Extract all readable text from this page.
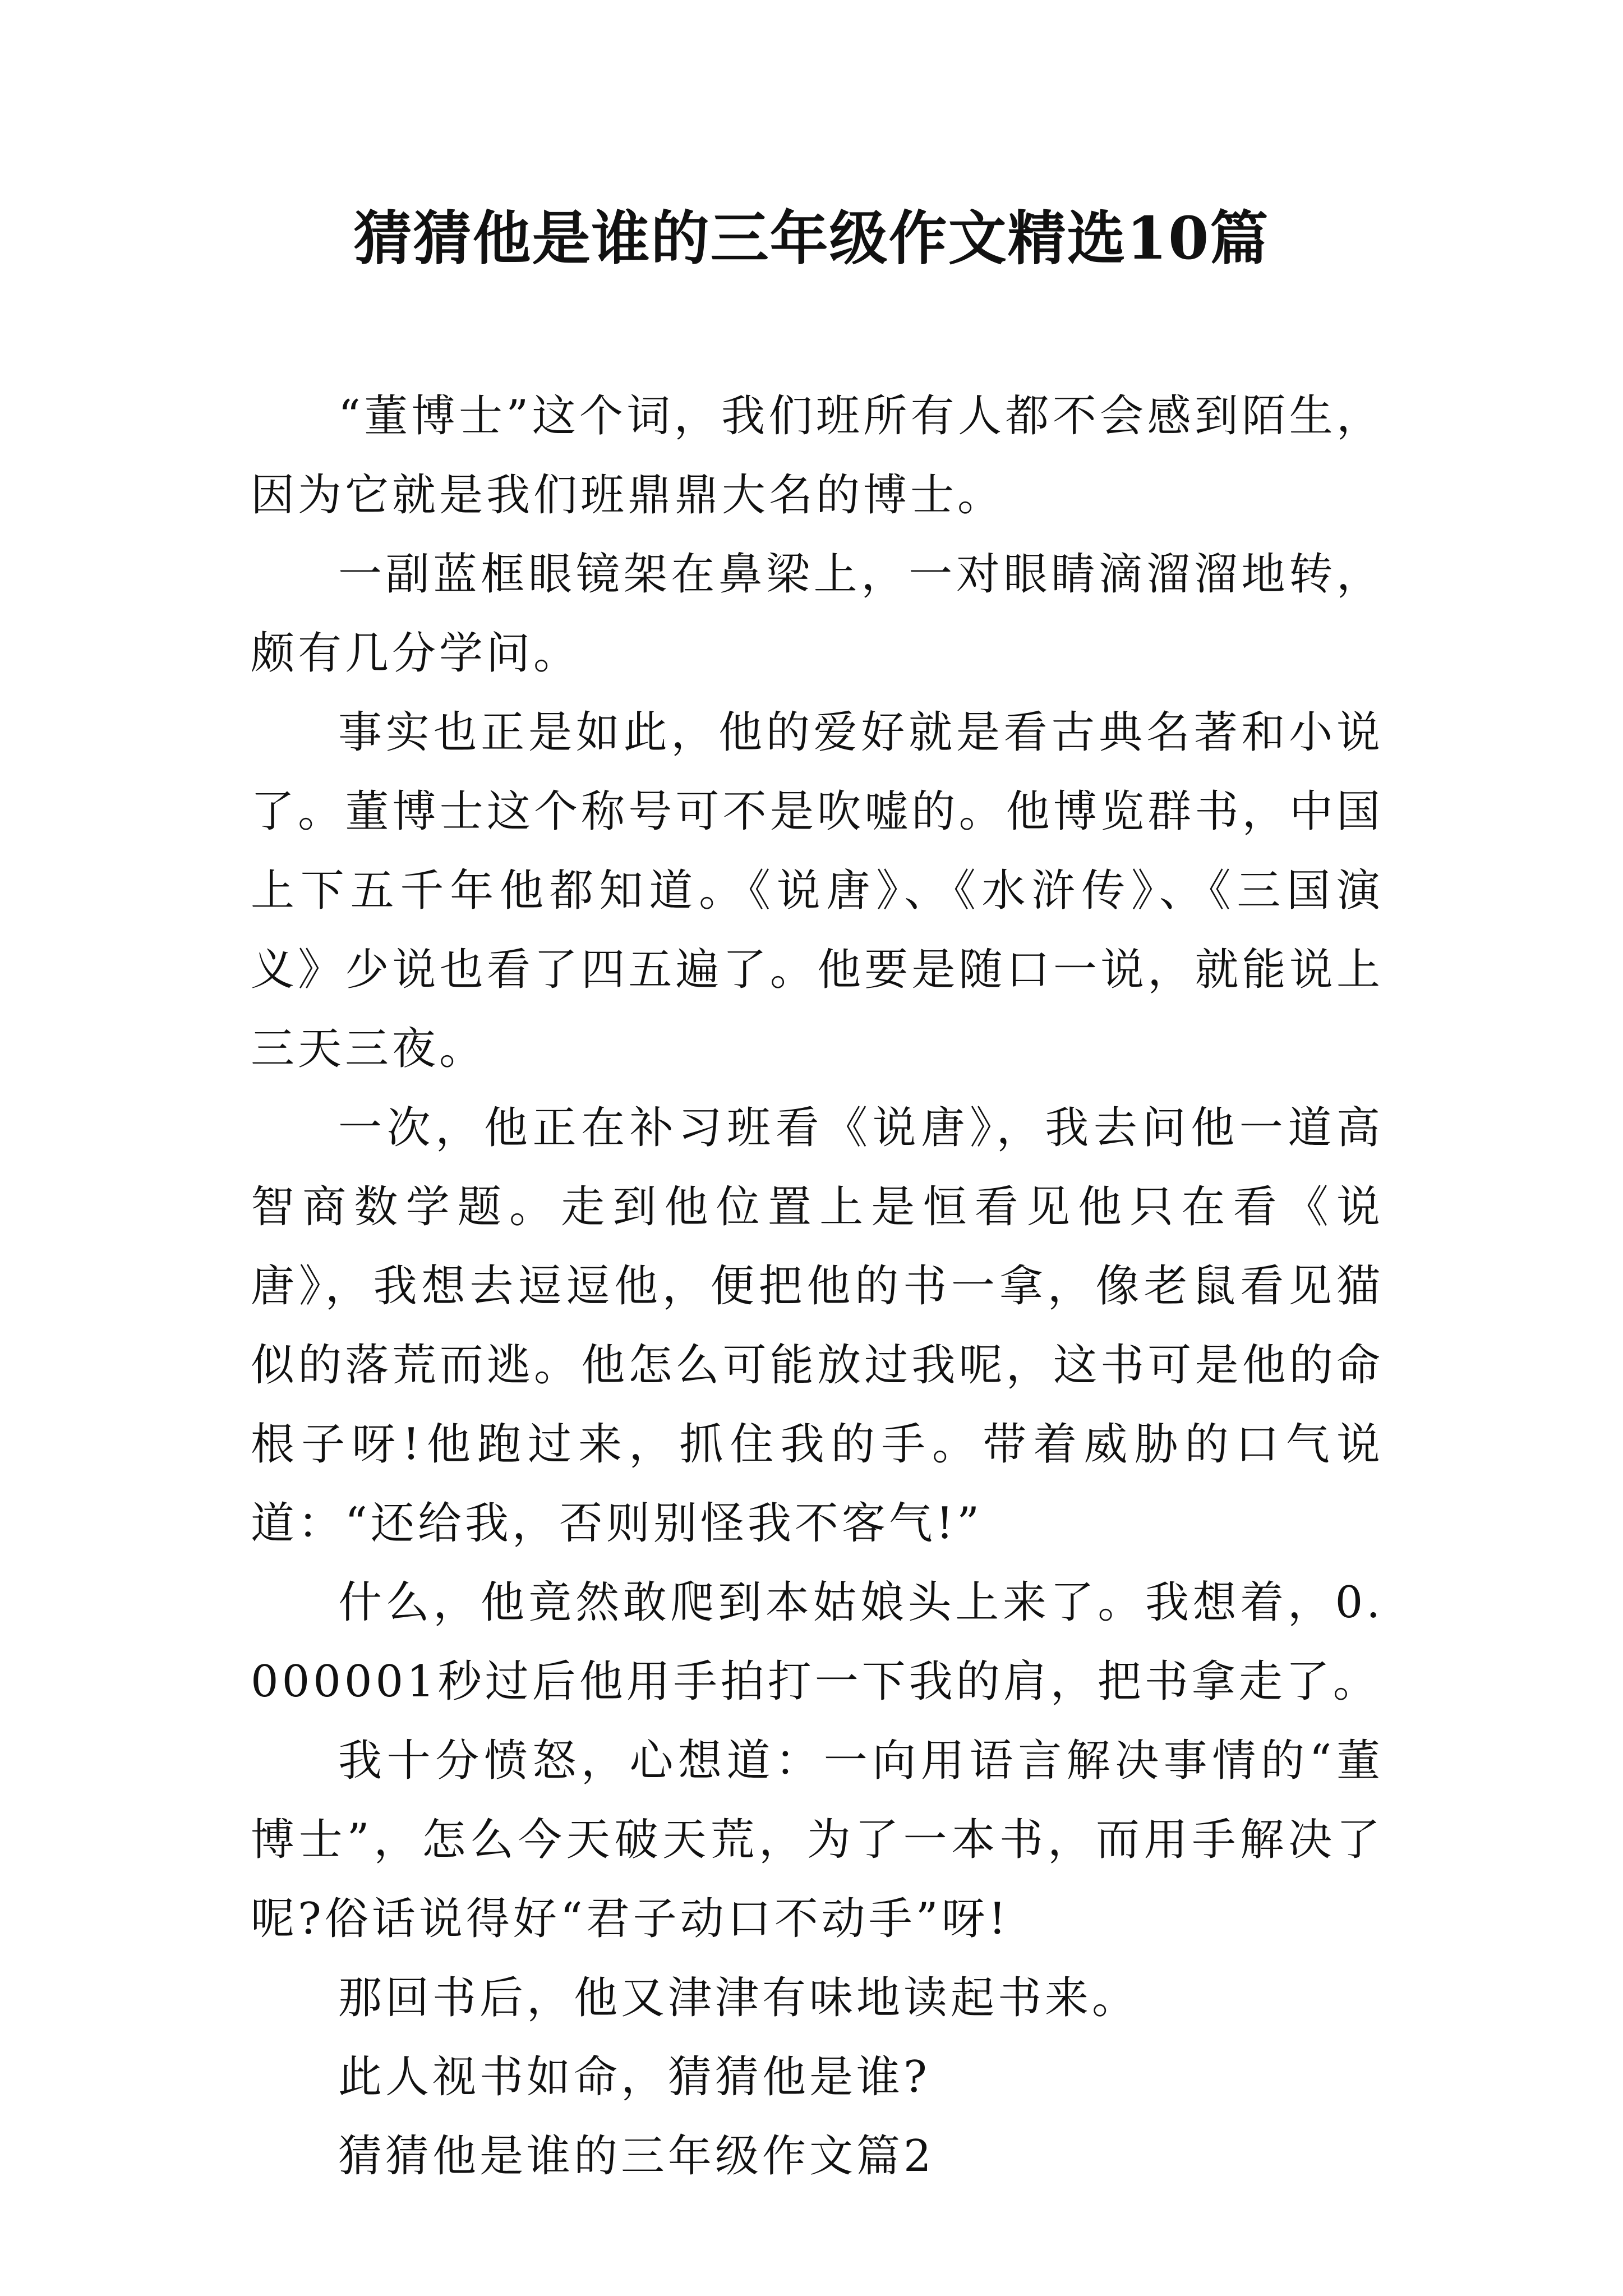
猜猜他是谁的三年级作文精选10篇

“董博士”这个词，我们班所有人都不会感到陌生，因为它就是我们班鼎鼎大名的博士。

一副蓝框眼镜架在鼻梁上，一对眼睛滴溜溜地转，颇有几分学问。

事实也正是如此，他的爱好就是看古典名著和小说了。董博士这个称号可不是吹嘘的。他博览群书，中国上下五千年他都知道。《说唐》、《水浒传》、《三国演义》少说也看了四五遍了。他要是随口一说，就能说上三天三夜。

一次，他正在补习班看《说唐》，我去问他一道高智商数学题。走到他位置上是恒看见他只在看《说唐》，我想去逗逗他，便把他的书一拿，像老鼠看见猫似的落荒而逃。他怎么可能放过我呢，这书可是他的命根子呀!他跑过来，抓住我的手。带着威胁的口气说道：“还给我，否则别怪我不客气!”

什么，他竟然敢爬到本姑娘头上来了。我想着，0.000001秒过后他用手拍打一下我的肩，把书拿走了。

我十分愤怒，心想道：一向用语言解决事情的“董博士”，怎么今天破天荒，为了一本书，而用手解决了呢?俗话说得好“君子动口不动手”呀!

那回书后，他又津津有味地读起书来。

此人视书如命，猜猜他是谁?

猜猜他是谁的三年级作文篇2
